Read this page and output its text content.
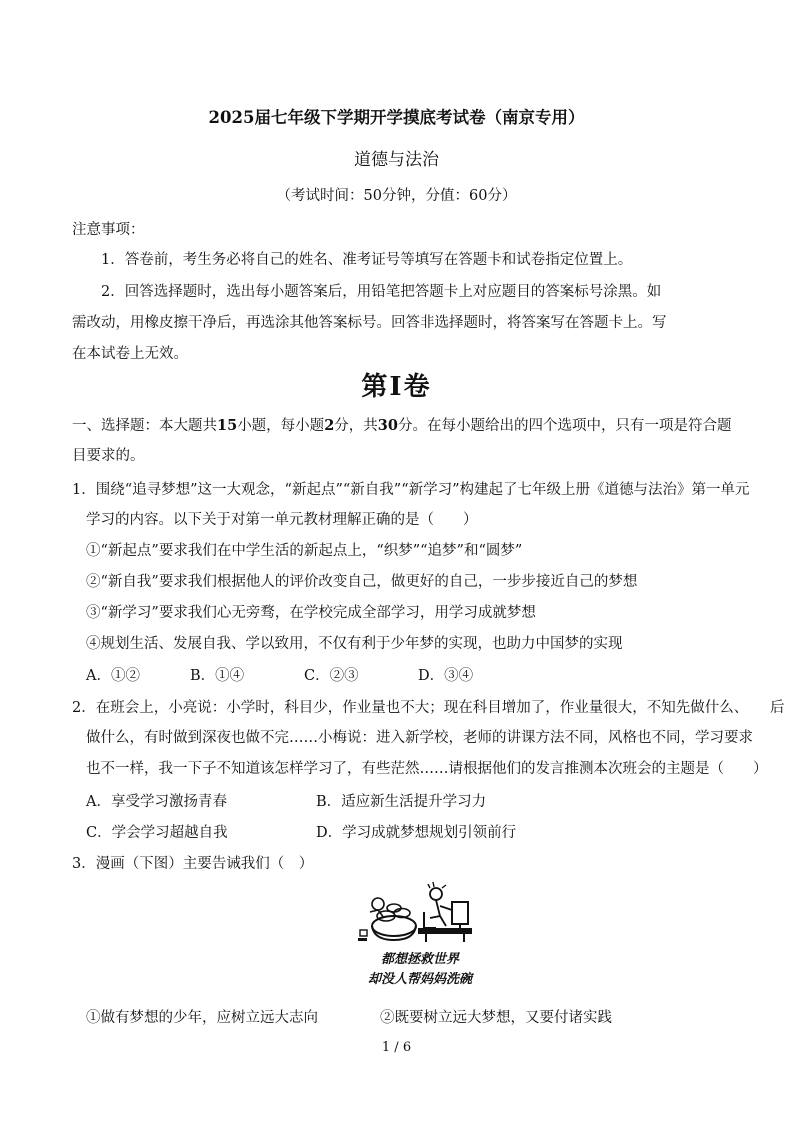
2025届七年级下学期开学摸底考试卷（南京专用）
道德与法治
（考试时间：50分钟，分值：60分）
注意事项：
1．答卷前，考生务必将自己的姓名、准考证号等填写在答题卡和试卷指定位置上。
2．回答选择题时，选出每小题答案后，用铅笔把答题卡上对应题目的答案标号涂黑。如
需改动，用橡皮擦干净后，再选涂其他答案标号。回答非选择题时，将答案写在答题卡上。写
在本试卷上无效。
第Ⅰ卷
一、选择题：本大题共15小题，每小题2分，共30分。在每小题给出的四个选项中，只有一项是符合题
目要求的。
1．围绕“追寻梦想”这一大观念，“新起点”“新自我”“新学习”构建起了七年级上册《道德与法治》第一单元
学习的内容。以下关于对第一单元教材理解正确的是（　　）
①“新起点”要求我们在中学生活的新起点上，“织梦”“追梦”和“圆梦”
②“新自我”要求我们根据他人的评价改变自己，做更好的自己，一步步接近自己的梦想
③“新学习”要求我们心无旁骛，在学校完成全部学习，用学习成就梦想
④规划生活、发展自我、学以致用，不仅有利于少年梦的实现，也助力中国梦的实现
A．①②	B．①④	C．②③	D．③④
2．在班会上，小亮说：小学时，科目少，作业量也不大；现在科目增加了，作业量很大，不知先做什么、　　后
做什么，有时做到深夜也做不完……小梅说：进入新学校，老师的讲课方法不同，风格也不同，学习要求
也不一样，我一下子不知道该怎样学习了，有些茫然……请根据他们的发言推测本次班会的主题是（　　）
A．享受学习激扬青春	B．适应新生活提升学习力
C．学会学习超越自我	D．学习成就梦想规划引领前行
3．漫画（下图）主要告诫我们（　）
都想拯救世界
却没人帮妈妈洗碗
①做有梦想的少年，应树立远大志向	②既要树立远大梦想，又要付诸实践
1 / 6
